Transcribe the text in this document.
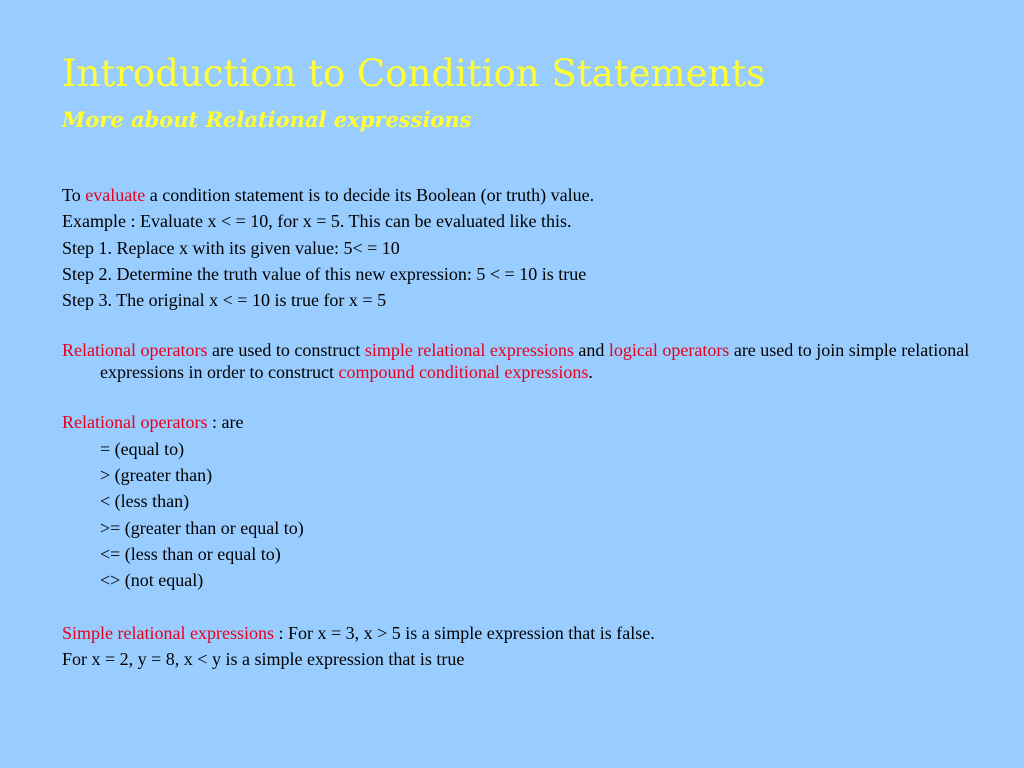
Introduction to Condition Statements
More about Relational expressions

To evaluate a condition statement is to decide its Boolean (or truth) value.

Example : Evaluate x < = 10, for x = 5. This can be evaluated like this.

Step 1. Replace x with its given value: 5< = 10

Step 2. Determine the truth value of this new expression: 5 < = 10 is true

Step 3. The original x < = 10 is true for x = 5

Relational operators are used to construct simple relational expressions and logical operators are used to join simple relational expressions in order to construct compound conditional expressions.

Relational operators : are

= (equal to)

> (greater than)

< (less than)

>= (greater than or equal to)

<= (less than or equal to)

<> (not equal)

Simple relational expressions : For x = 3, x > 5 is a simple expression that is false.

For x = 2, y = 8, x < y is a simple expression that is true
